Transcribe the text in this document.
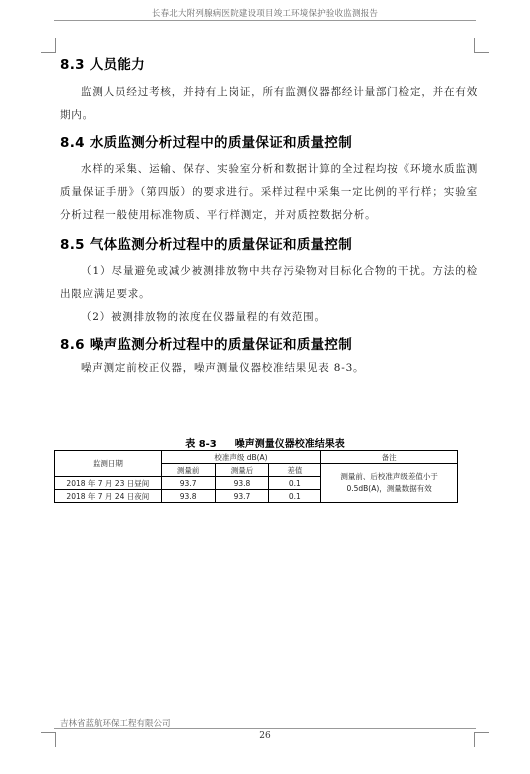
长春北大附列腺病医院建设项目竣工环境保护验收监测报告
8.3 人员能力

监测人员经过考核，并持有上岗证，所有监测仪器都经计量部门检定，并在有效期内。

8.4 水质监测分析过程中的质量保证和质量控制

水样的采集、运输、保存、实验室分析和数据计算的全过程均按《环境水质监测质量保证手册》（第四版）的要求进行。采样过程中采集一定比例的平行样；实验室分析过程一般使用标准物质、平行样测定，并对质控数据分析。

8.5 气体监测分析过程中的质量保证和质量控制

（1）尽量避免或减少被测排放物中共存污染物对目标化合物的干扰。方法的检出限应满足要求。

（2）被测排放物的浓度在仪器量程的有效范围。

8.6 噪声监测分析过程中的质量保证和质量控制

噪声测定前校正仪器，噪声测量仪器校准结果见表 8-3。

表 8-3 噪声测量仪器校准结果表
监测日期	校准声级 dB(A)			备注
	测量前	测量后	差值	测量前、后校准声级差值小于 0.5dB(A)，测量数据有效
2018 年 7 月 23 日昼间	93.7	93.8	0.1	
2018 年 7 月 24 日夜间	93.8	93.7	0.1	
吉林省蓝航环保工程有限公司
26
